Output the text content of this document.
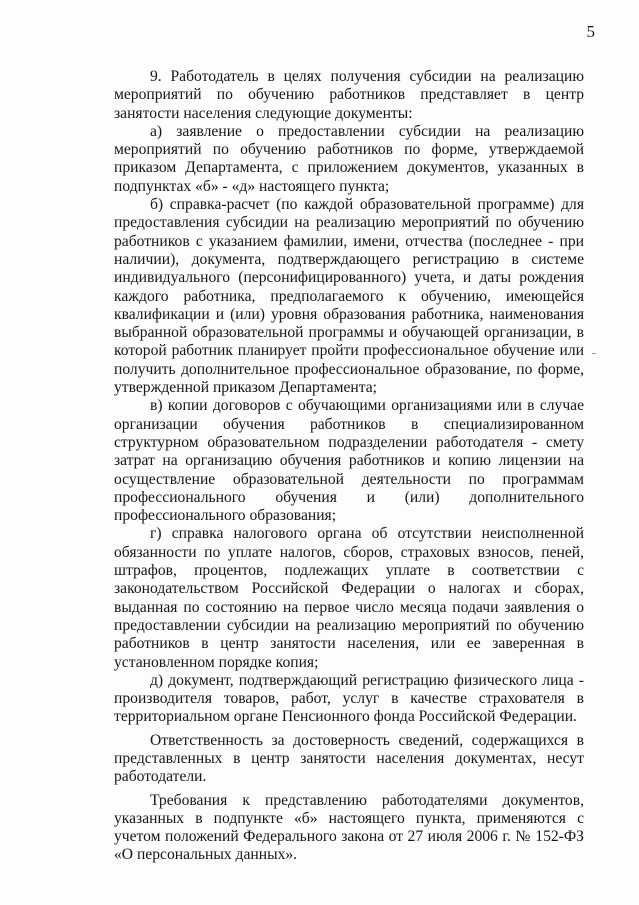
5

9. Работодатель в целях получения субсидии на реализацию мероприятий по обучению работников представляет в центр занятости населения следующие документы:

а) заявление о предоставлении субсидии на реализацию мероприятий по обучению работников по форме, утверждаемой приказом Департамента, с приложением документов, указанных в подпунктах «б» - «д» настоящего пункта;

б) справка-расчет (по каждой образовательной программе) для предоставления субсидии на реализацию мероприятий по обучению работников с указанием фамилии, имени, отчества (последнее - при наличии), документа, подтверждающего регистрацию в системе индивидуального (персонифицированного) учета, и даты рождения каждого работника, предполагаемого к обучению, имеющейся квалификации и (или) уровня образования работника, наименования выбранной образовательной программы и обучающей организации, в которой работник планирует пройти профессиональное обучение или получить дополнительное профессиональное образование, по форме, утвержденной приказом Департамента;

в) копии договоров с обучающими организациями или в случае организации обучения работников в специализированном структурном образовательном подразделении работодателя - смету затрат на организацию обучения работников и копию лицензии на осуществление образовательной деятельности по программам профессионального обучения и (или) дополнительного профессионального образования;

г) справка налогового органа об отсутствии неисполненной обязанности по уплате налогов, сборов, страховых взносов, пеней, штрафов, процентов, подлежащих уплате в соответствии с законодательством Российской Федерации о налогах и сборах, выданная по состоянию на первое число месяца подачи заявления о предоставлении субсидии на реализацию мероприятий по обучению работников в центр занятости населения, или ее заверенная в установленном порядке копия;

д) документ, подтверждающий регистрацию физического лица - производителя товаров, работ, услуг в качестве страхователя в территориальном органе Пенсионного фонда Российской Федерации.

Ответственность за достоверность сведений, содержащихся в представленных в центр занятости населения документах, несут работодатели.

Требования к представлению работодателями документов, указанных в подпункте «б» настоящего пункта, применяются с учетом положений Федерального закона от 27 июля 2006 г. № 152-ФЗ «О персональных данных».
